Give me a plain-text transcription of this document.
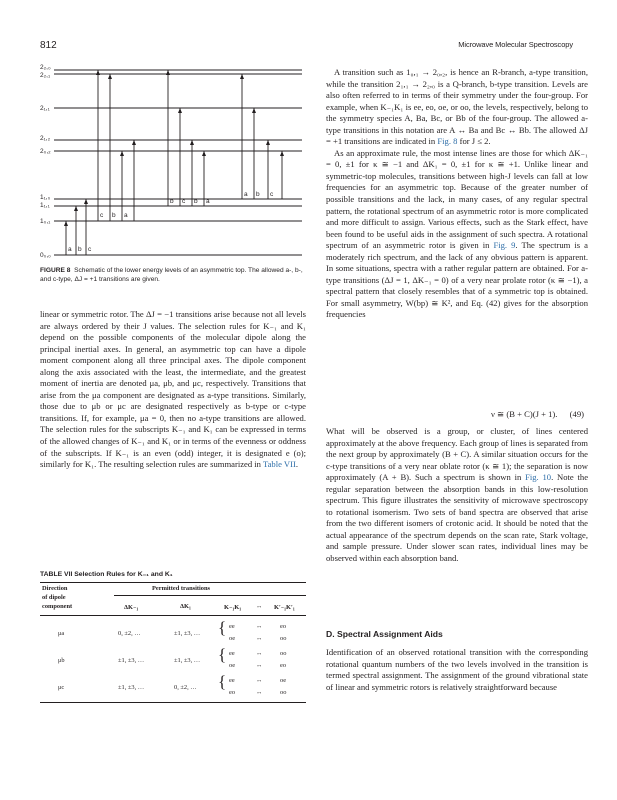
812	Microwave Molecular Spectroscopy
2₂,₀
2₂,₁
2₁,₁
2₁,₂
2₀,₂
1₁,₀
1₁,₁
1₀,₁
0₀,₀
a b c
c b a
b c b a
a b c
FIGURE 8 Schematic of the lower energy levels of an asymmetric top. The allowed a-, b-, and c-type, ΔJ = +1 transitions are given.

linear or symmetric rotor. The ΔJ = −1 transitions arise because not all levels are always ordered by their J values. The selection rules for K₋₁ and K₁ depend on the possible components of the molecular dipole along the principal inertial axes. In general, an asymmetric top can have a dipole moment component along all three principal axes. The dipole component along the axis associated with the least, the intermediate, and the greatest moment of inertia are denoted μa, μb, and μc, respectively. Transitions that arise from the μa component are designated as a-type transitions. Similarly, those due to μb or μc are designated respectively as b-type or c-type transitions. If, for example, μa = 0, then no a-type transitions are allowed. The selection rules for the subscripts K₋₁ and K₁ can be expressed in terms of the allowed changes of K₋₁ and K₁ or in terms of the evenness or oddness of the subscripts. If K₋₁ is an even (odd) integer, it is designated e (o); similarly for K₁. The resulting selection rules are summarized in Table VII.

TABLE VII Selection Rules for K₋₁ and K₁
Direction
of dipole
component
Permitted transitions
ΔK₋₁	ΔK₁	K₋₁K₁ ↔ K′₋₁K′₁
μa	0, ±2, …	±1, ±3, … { ee	↔	eo
oe	↔	oo
μb	±1, ±3, …	±1, ±3, … { ee	↔	oo
oe	↔	eo
μc	±1, ±3, …	0, ±2, … { ee	↔	oe
eo	↔	oo

A transition such as 1₀,₁ → 2₀,₂, is hence an R-branch, a-type transition, while the transition 2₁,₁ → 2₂,₀ is a Q-branch, b-type transition. Levels are also often referred to in terms of their symmetry under the four-group. For example, when K₋₁K₁ is ee, eo, oe, or oo, the levels, respectively, belong to the symmetry species A, Ba, Bc, or Bb of the four-group. The allowed a-type transitions in this notation are A ↔ Ba and Bc ↔ Bb. The allowed ΔJ = +1 transitions are indicated in Fig. 8 for J ≤ 2.

As an approximate rule, the most intense lines are those for which ΔK₋₁ = 0, ±1 for κ ≅ −1 and ΔK₁ = 0, ±1 for κ ≅ +1. Unlike linear and symmetric-top molecules, transitions between high-J levels can fall at low frequencies for an asymmetric top. Because of the greater number of possible transitions and the lack, in many cases, of any regular spectral pattern, the rotational spectrum of an asymmetric rotor is more complicated and more difficult to assign. Various effects, such as the Stark effect, have been found to be useful aids in the assignment of such spectra. A rotational spectrum of an asymmetric rotor is given in Fig. 9. The spectrum is a moderately rich spectrum, and the lack of any obvious pattern is apparent. In some situations, spectra with a rather regular pattern are obtained. For a-type transitions (ΔJ = 1, ΔK₋₁ = 0) of a very near prolate rotor (κ ≅ −1), a spectral pattern that closely resembles that of a symmetric top is obtained. For small asymmetry, W(bp) ≅ K², and Eq. (42) gives for the absorption frequencies

ν ≅ (B + C)(J + 1). (49)

What will be observed is a group, or cluster, of lines centered approximately at the above frequency. Each group of lines is separated from the next group by approximately (B + C). A similar situation occurs for the c-type transitions of a very near oblate rotor (κ ≅ 1); the separation is now approximately (A + B). Such a spectrum is shown in Fig. 10. Note the regular separation between the absorption bands in this low-resolution spectrum. This figure illustrates the sensitivity of microwave spectroscopy to rotational isomerism. Two sets of band spectra are observed that arise from the two different isomers of crotonic acid. It should be noted that the actual appearance of the spectrum depends on the scan rate, Stark voltage, and sample pressure. Under slower scan rates, individual lines may be observed within each absorption band.

D. Spectral Assignment Aids

Identification of an observed rotational transition with the corresponding rotational quantum numbers of the two levels involved in the transition is termed spectral assignment. The assignment of the ground vibrational state of linear and symmetric rotors is relatively straightforward because
